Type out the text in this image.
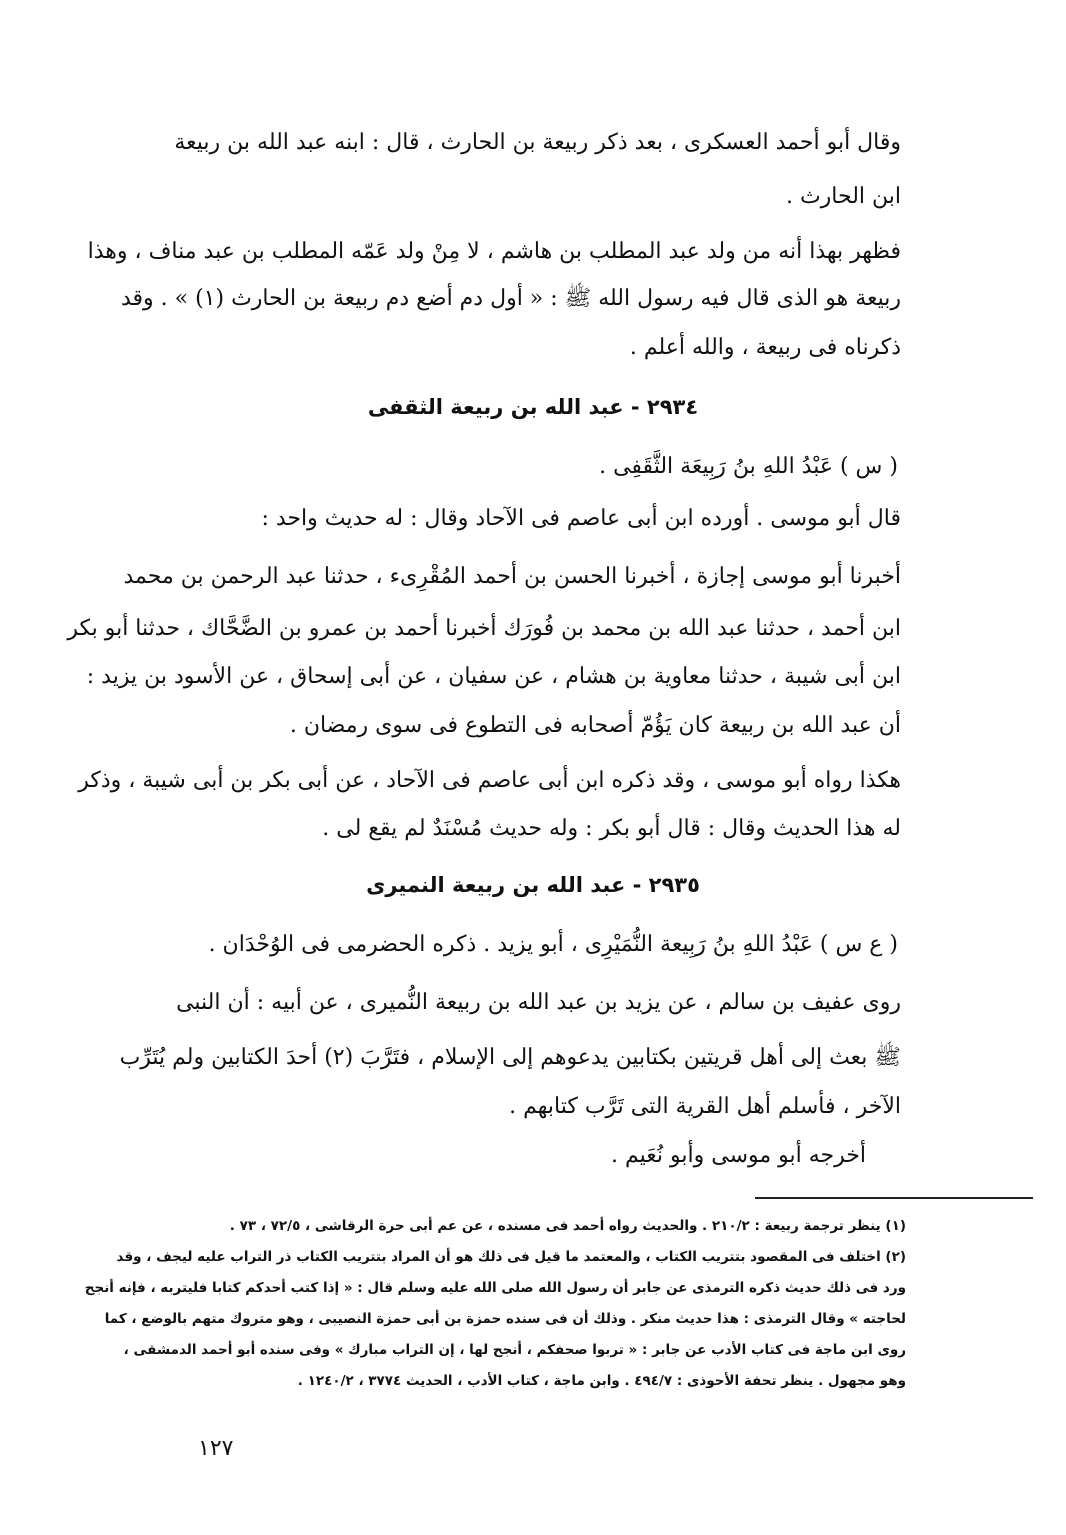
وقال أبو أحمد العسكرى ، بعد ذكر ربيعة بن الحارث ، قال : ابنه عبد الله بن ربيعة
ابن الحارث .
فظهر بهذا أنه من ولد عبد المطلب بن هاشم ، لا مِنْ ولد عَمّه المطلب بن عبد مناف ، وهذا
ربيعة هو الذى قال فيه رسول الله ﷺ : « أول دم أضع دم ربيعة بن الحارث (١) » . وقد
ذكرناه فى ربيعة ، والله أعلم .
٢٩٣٤ - عبد الله بن ربيعة الثقفى
( س ) عَبْدُ اللهِ بنُ رَبِيعَة الثَّقَفِى .
قال أبو موسى . أورده ابن أبى عاصم فى الآحاد وقال : له حديث واحد :
أخبرنا أبو موسى إجازة ، أخبرنا الحسن بن أحمد المُقْرِىء ، حدثنا عبد الرحمن بن محمد
ابن أحمد ، حدثنا عبد الله بن محمد بن فُورَك أخبرنا أحمد بن عمرو بن الضَّحَّاك ، حدثنا أبو بكر
ابن أبى شيبة ، حدثنا معاوية بن هشام ، عن سفيان ، عن أبى إسحاق ، عن الأسود بن يزيد :
أن عبد الله بن ربيعة كان يَؤُمّ أصحابه فى التطوع فى سوى رمضان .
هكذا رواه أبو موسى ، وقد ذكره ابن أبى عاصم فى الآحاد ، عن أبى بكر بن أبى شيبة ، وذكر
له هذا الحديث وقال : قال أبو بكر : وله حديث مُسْنَدٌ لم يقع لى .
٢٩٣٥ - عبد الله بن ربيعة النميرى
( ع س ) عَبْدُ اللهِ بنُ رَبِيعة النُّمَيْرِى ، أبو يزيد . ذكره الحضرمى فى الوُحْدَان .
روى عفيف بن سالم ، عن يزيد بن عبد الله بن ربيعة النُّميرى ، عن أبيه : أن النبى
ﷺ بعث إلى أهل قريتين بكتابين يدعوهم إلى الإسلام ، فتَرَّبَ (٢) أحدَ الكتابين ولم يُتَرِّب
الآخر ، فأسلم أهل القرية التى تَرَّب كتابهم .
أخرجه أبو موسى وأبو نُعَيم .
(١) ينظر ترجمة ربيعة : ٢١٠/٢ . والحديث رواه أحمد فى مسنده ، عن عم أبى حرة الرقاشى ، ٧٢/٥ ، ٧٣ .
(٢) اختلف فى المقصود بتتريب الكتاب ، والمعتمد ما قيل فى ذلك هو أن المراد بتتريب الكتاب ذر التراب عليه ليجف ، وقد
ورد فى ذلك حديث ذكره الترمذى عن جابر أن رسول الله صلى الله عليه وسلم قال : « إذا كتب أحدكم كتابا فليتربه ، فإنه أنجح
لحاجته » وقال الترمذى : هذا حديث منكر . وذلك أن فى سنده حمزة بن أبى حمزة النصيبى ، وهو متروك متهم بالوضع ، كما
روى ابن ماجة فى كتاب الأدب عن جابر : « تربوا صحفكم ، أنجح لها ، إن التراب مبارك » وفى سنده أبو أحمد الدمشقى ،
وهو مجهول . ينظر تحفة الأحوذى : ٤٩٤/٧ . وابن ماجة ، كتاب الأدب ، الحديث ٣٧٧٤ ، ١٢٤٠/٢ .
١٢٧
